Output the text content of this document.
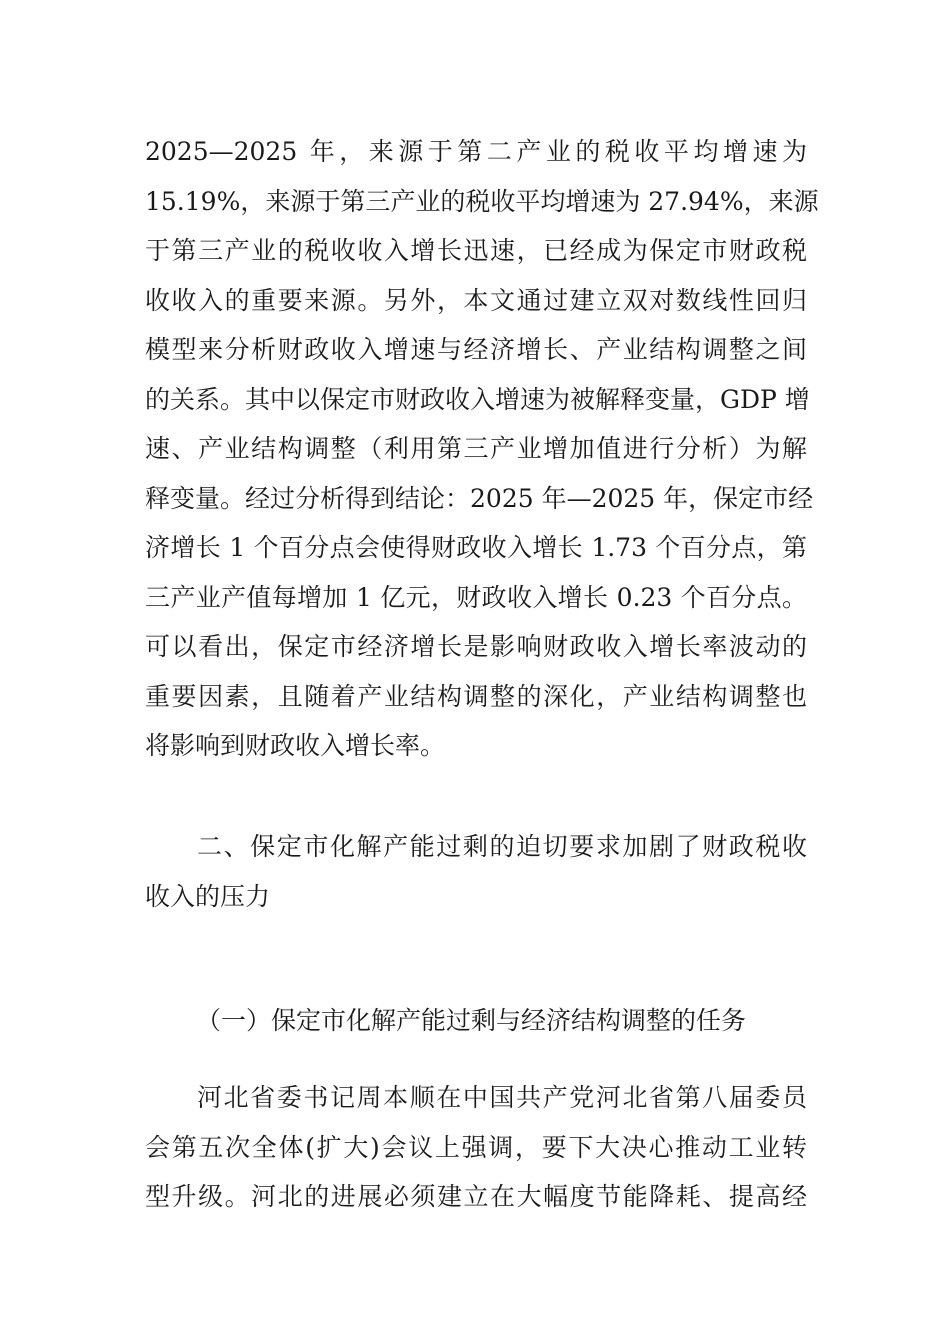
2025—2025 年，来源于第二产业的税收平均增速为
15.19%，来源于第三产业的税收平均增速为 27.94%，来源
于第三产业的税收收入增长迅速，已经成为保定市财政税
收收入的重要来源。另外，本文通过建立双对数线性回归
模型来分析财政收入增速与经济增长、产业结构调整之间
的关系。其中以保定市财政收入增速为被解释变量，GDP 增
速、产业结构调整（利用第三产业增加值进行分析）为解
释变量。经过分析得到结论：2025 年—2025 年，保定市经
济增长 1 个百分点会使得财政收入增长 1.73 个百分点，第
三产业产值每增加 1 亿元，财政收入增长 0.23 个百分点。
可以看出，保定市经济增长是影响财政收入增长率波动的
重要因素，且随着产业结构调整的深化，产业结构调整也
将影响到财政收入增长率。
二、保定市化解产能过剩的迫切要求加剧了财政税收
收入的压力
（一）保定市化解产能过剩与经济结构调整的任务
河北省委书记周本顺在中国共产党河北省第八届委员
会第五次全体(扩大)会议上强调，要下大决心推动工业转
型升级。河北的进展必须建立在大幅度节能降耗、提高经
